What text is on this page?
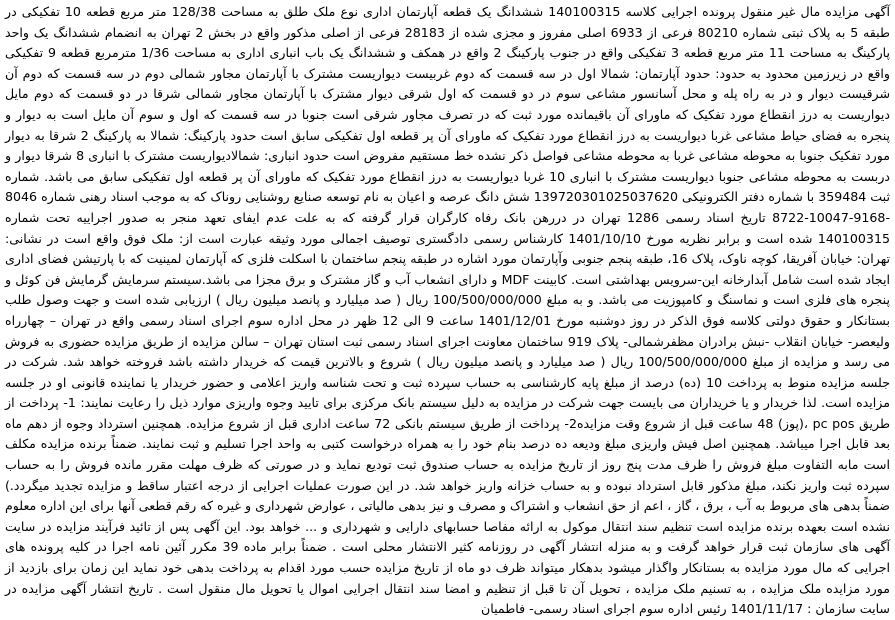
آگهی مزایده مال غیر منقول پرونده اجرایی کلاسه 140100315 ششدانگ یک قطعه آپارتمان اداری نوع ملک طلق به مساحت 128/38 متر مربع قطعه 10 تفکیکی در طبقه 5 به پلاک ثبتی شماره 80210 فرعی از 6933 اصلی مفروز و مجزی شده از 28183 فرعی از اصلی مذکور واقع در بخش 2 تهران به انضمام ششدانگ یک واحد پارکینگ به مساحت 11 متر مربع قطعه 3 تفکیکی واقع در جنوب پارکینگ 2 واقع در همکف و ششدانگ یک باب انباری اداری به مساحت 1/36 مترمربع قطعه 9 تفکیکی واقع در زیرزمین محدود به حدود: حدود آپارتمان: شمالا اول در سه قسمت که دوم غربیست دیواریست مشترک با آپارتمان مجاور شمالی دوم در سه قسمت که دوم آن شرقیست دیوار و در به راه پله و محل آسانسور مشاعی سوم در دو قسمت که اول شرقی دیوار مشترک با آپارتمان مجاور شمالی شرقا در دو قسمت که دوم مایل دیواریست به درز انقطاع مورد تفکیک که ماورای آن باقیمانده مورد ثبت که در تصرف مجاور شرقی است جنوبا در سه قسمت که اول و سوم آن مایل است به دیوار و پنجره به فضای حیاط مشاعی غربا دیواریست به درز انقطاع مورد تفکیک که ماورای آن پر قطعه اول تفکیکی سابق است حدود پارکینگ: شمالا به پارکینگ 2 شرقا به دیوار مورد تفکیک جنوبا به محوطه مشاعی غربا به محوطه مشاعی فواصل ذکر نشده خط مستقیم مفروض است حدود انباری: شمالادیواریست مشترک با انباری 8 شرقا دیوار و دربست به محوطه مشاعی جنوبا دیواریست مشترک با انباری 10 غربا دیواریست به درز انقطاع مورد تفکیک که ماورای آن پر قطعه اول تفکیکی سابق می باشد. شماره ثبت 359484 با شماره دفتر الکترونیکی 139720301025037620 شش دانگ عرصه و اعیان به نام توسعه صنایع روشنایی روناک که به موجب اسناد رهنی شماره 8046 -9168-10047-8722 تاریخ اسناد رسمی 1286 تهران در دررهن بانک رفاه کارگران قرار گرفته که به علت عدم ایفای تعهد منجر به صدور اجراییه تحت شماره 140100315 شده است و برابر نظریه مورخ 1401/10/10 کارشناس رسمی دادگستری توصیف اجمالی مورد وثیقه عبارت است از: ملک فوق واقع است در نشانی: تهران: خیابان آفریقا، کوچه ناوک، پلاک 16، طبقه پنجم جنوبی وآپارتمان مورد اشاره در طبقه پنجم ساختمان با اسکلت فلزی که آپارتمان لمینیت که با پارتیشن فضای اداری ایجاد شده است شامل آبدارخانه این-سرویس بهداشتی است. کابینت MDF و دارای انشعاب آب و گاز مشترک و برق مجزا می باشد.سیستم سرمایش گرمایش فن کوئل و پنجره های فلزی است و نماسنگ و کامپوزیت می باشد. و به مبلغ 100/500/000/000 ریال ( صد میلیارد و پانصد میلیون ریال ) ارزیابی شده است و جهت وصول طلب بستانکار و حقوق دولتی کلاسه فوق الذکر در روز دوشنبه مورخ 1401/12/01 ساعت 9 الی 12 ظهر در محل اداره سوم اجرای اسناد رسمی واقع در تهران – چهارراه ولیعصر- خیابان انقلاب -نبش برادران مظفرشمالی- پلاک 919 ساختمان معاونت اجرای اسناد رسمی ثبت استان تهران – سالن مزایده از طریق مزایده حضوری به فروش می رسد و مزایده از مبلغ 100/500/000/000 ریال ( صد میلیارد و پانصد میلیون ریال ) شروع و بالاترین قیمت که خریدار داشته باشد فروخته خواهد شد. شرکت در جلسه مزایده منوط به پرداخت 10 (ده) درصد از مبلغ پایه کارشناسی به حساب سپرده ثبت و تحت شناسه واریز اعلامی و حضور خریدار یا نماینده قانونی او در جلسه مزایده است. لذا خریدار و یا خریداران می بایست جهت شرکت در مزایده به دلیل سیستم بانک مرکزی برای تایید وجوه واریزی موارد ذیل را رعایت نمایند: 1- پرداخت از طریق pc pos ،(پوز) 48 ساعت قبل از شروع وقت مزایده2- پرداخت از طریق سیستم بانکی 72 ساعت اداری قبل از شروع مزایده. همچنین استرداد وجوه از دهم ماه بعد قابل اجرا میباشد. همچنین اصل فیش واریزی مبلغ ودیعه ده درصد بنام خود را به همراه درخواست کتبی به واحد اجرا تسلیم و ثبت نمایند. ضمناً برنده مزایده مکلف است مابه التفاوت مبلغ فروش را ظرف مدت پنج روز از تاریخ مزایده به حساب صندوق ثبت تودیع نماید و در صورتی که ظرف مهلت مقرر مانده فروش را به حساب سپرده ثبت واریز نکند، مبلغ مذکور قابل استرداد نبوده و به حساب خزانه واریز خواهد شد. در این صورت عملیات اجرایی از درجه اعتبار ساقط و مزایده تجدید میگردد.) ضمناً بدهی های مربوط به آب ، برق ، گاز ، اعم از حق انشعاب و اشتراک و مصرف و نیز بدهی مالیاتی ، عوارض شهرداری و غیره که رقم قطعی آنها برای این اداره معلوم نشده است بعهده برنده مزایده است تنظیم سند انتقال موکول به ارائه مفاصا حسابهای دارایی و شهرداری و ... خواهد بود. این آگهی پس از تائید فرآیند مزایده در سایت آگهی های سازمان ثبت قرار خواهد گرفت و به منزله انتشار آگهی در روزنامه کثیر الانتشار محلی است . ضمناً برابر ماده 39 مکرر آئین نامه اجرا در کلیه پرونده های اجرایی که مال مورد مزایده به بستانکار واگذار میشود بدهکار میتواند ظرف دو ماه از تاریخ مزایده حسب مورد اقدام به پرداخت بدهی خود نماید این زمان برای بازدید از مورد مزایده ملک مزایده ، به تسنیم ملک مزایده ، تحویل آن تا قبل از تنظیم و امضا سند انتقال اجرایی اموال یا تحویل مال منقول است . تاریخ انتشار آگهی مزایده در سایت سازمان : 1401/11/17 رئیس اداره سوم اجرای اسناد رسمی- فاطمیان
